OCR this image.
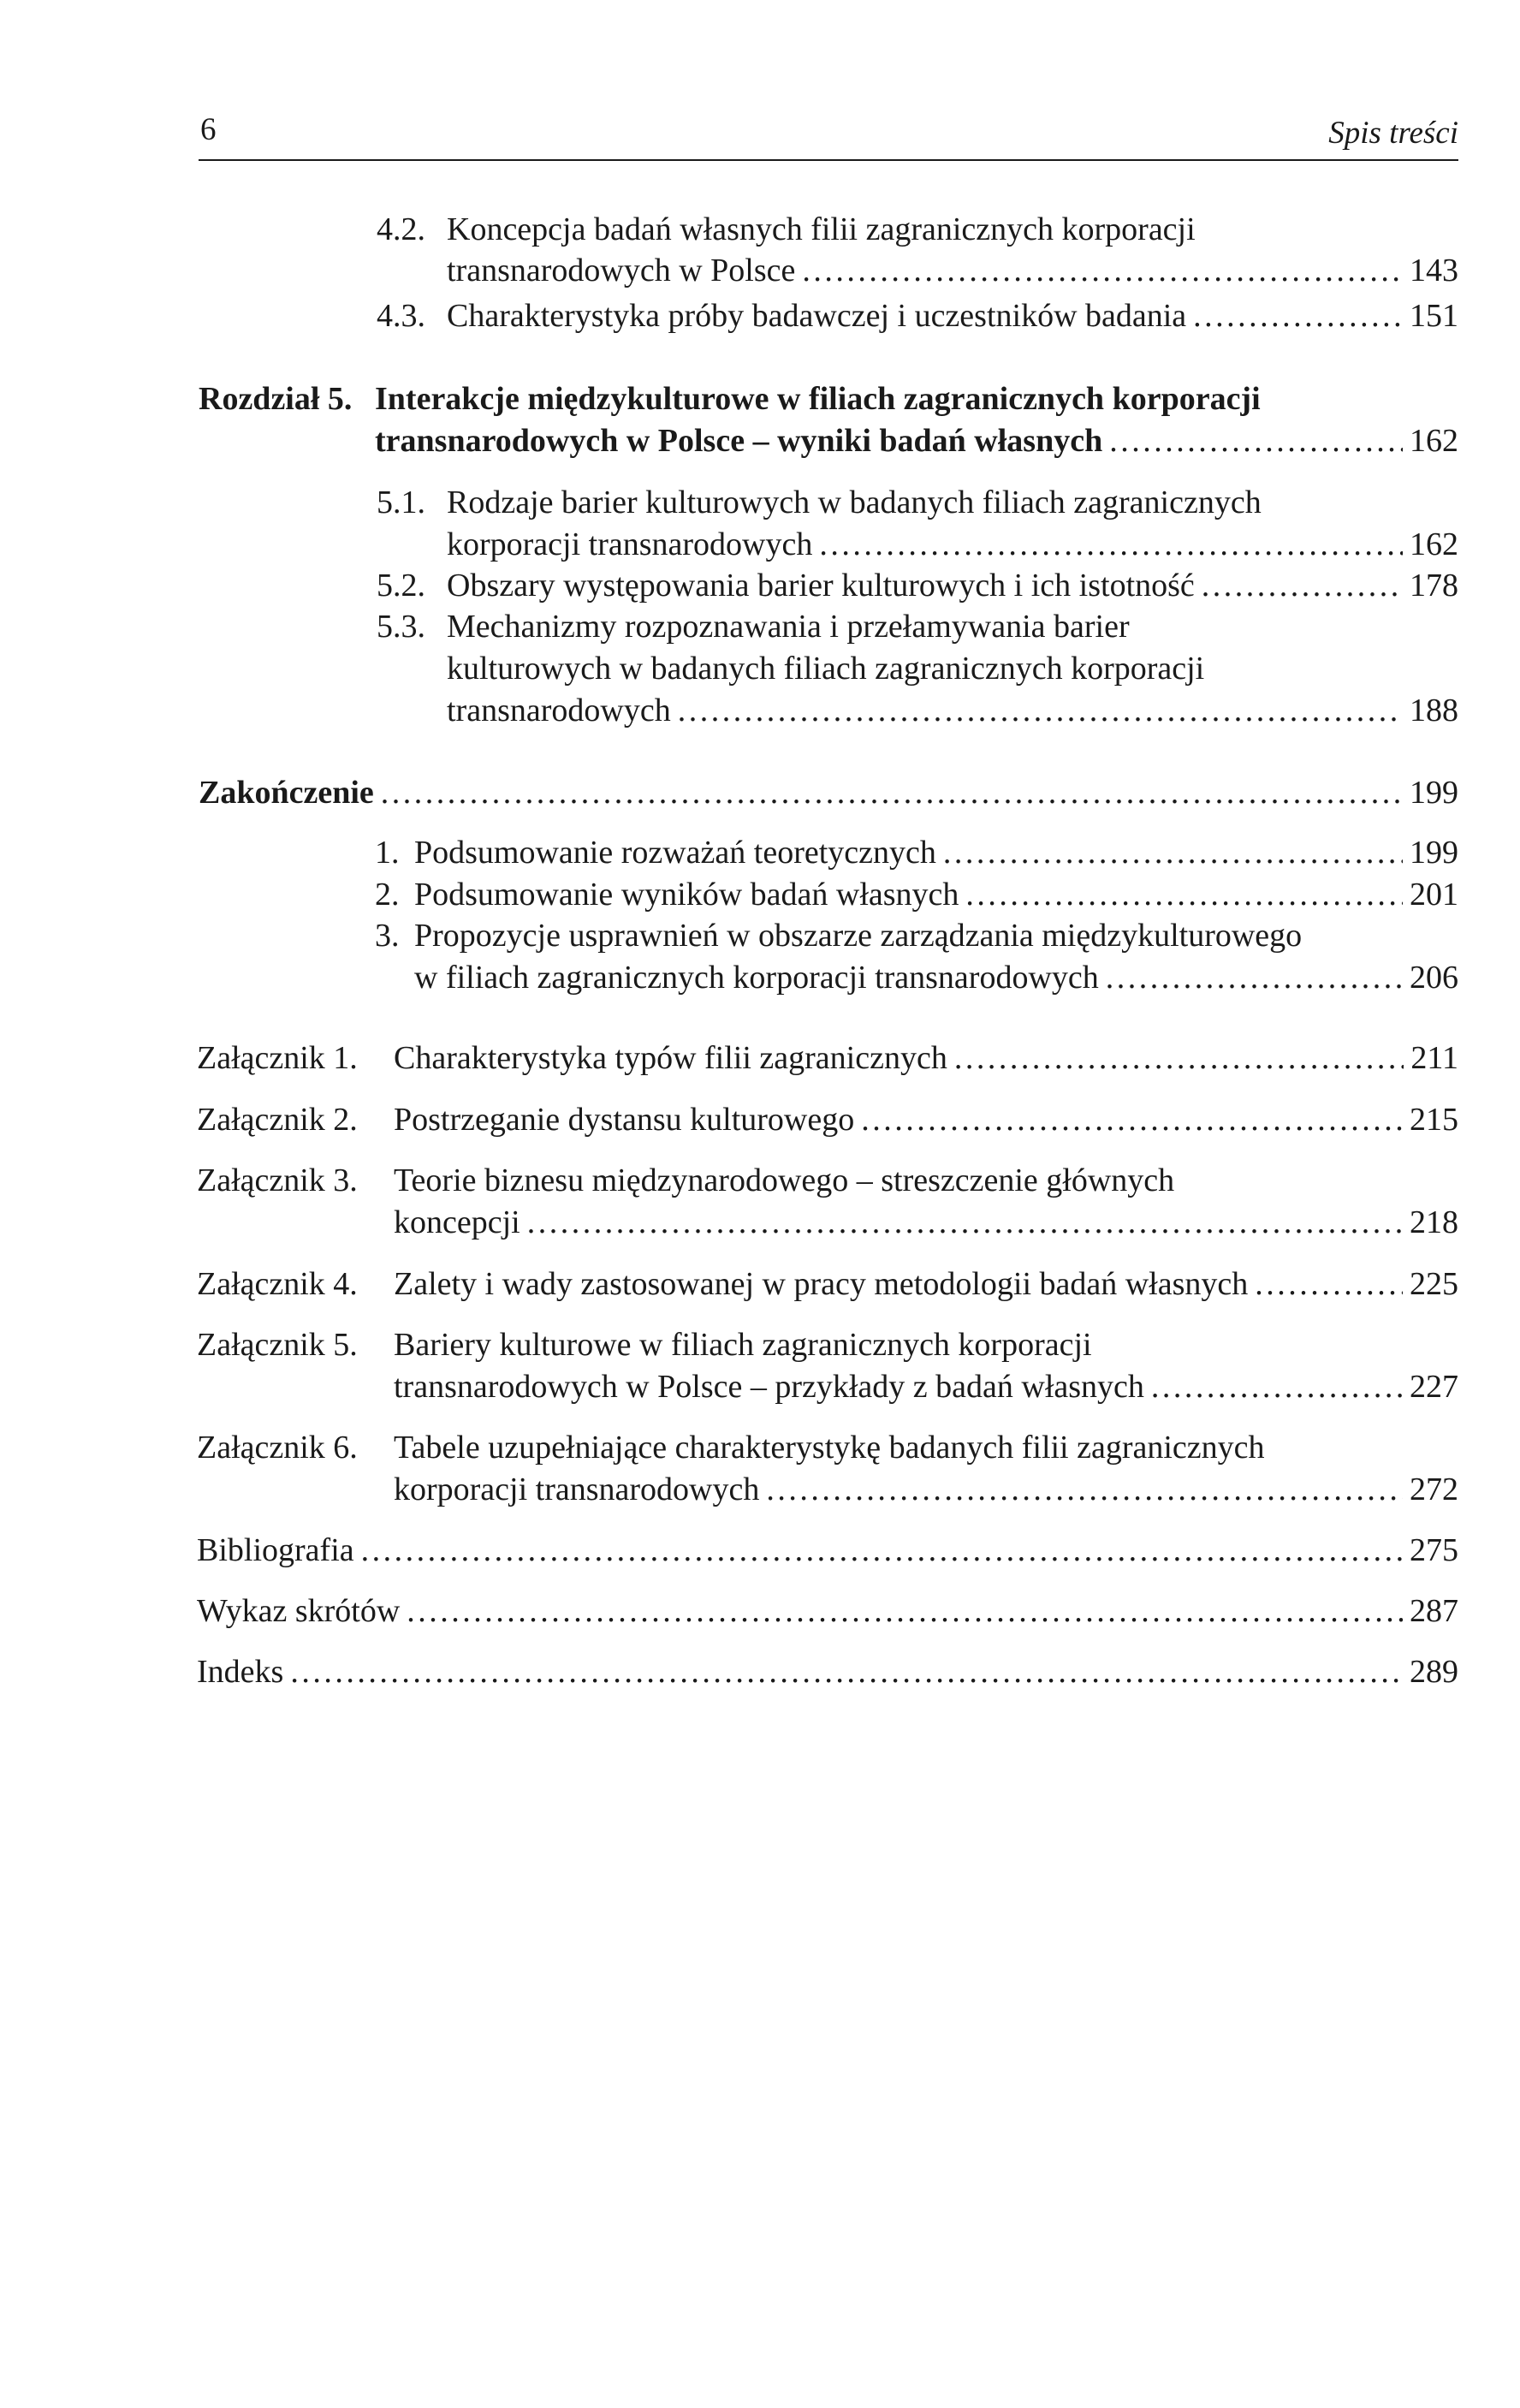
6	Spis treści
4.2. Koncepcja badań własnych filii zagranicznych korporacji
transnarodowych w Polsce . . .	143
4.3. Charakterystyka próby badawczej i uczestników badania . . .	151
Rozdział 5. Interakcje międzykulturowe w filiach zagranicznych korporacji
transnarodowych w Polsce – wyniki badań własnych . . .	162
5.1. Rodzaje barier kulturowych w badanych filiach zagranicznych
korporacji transnarodowych . . .	162
5.2. Obszary występowania barier kulturowych i ich istotność . . .	178
5.3. Mechanizmy rozpoznawania i przełamywania barier
kulturowych w badanych filiach zagranicznych korporacji
transnarodowych . . .	188
Zakończenie . . .	199
1. Podsumowanie rozważań teoretycznych . . .	199
2. Podsumowanie wyników badań własnych . . .	201
3. Propozycje usprawnień w obszarze zarządzania międzykulturowego
w filiach zagranicznych korporacji transnarodowych . . .	206
Załącznik 1. Charakterystyka typów filii zagranicznych . . .	211
Załącznik 2. Postrzeganie dystansu kulturowego . . .	215
Załącznik 3. Teorie biznesu międzynarodowego – streszczenie głównych
koncepcji . . .	218
Załącznik 4. Zalety i wady zastosowanej w pracy metodologii badań własnych . . .	225
Załącznik 5. Bariery kulturowe w filiach zagranicznych korporacji
transnarodowych w Polsce – przykłady z badań własnych . . .	227
Załącznik 6. Tabele uzupełniające charakterystykę badanych filii zagranicznych
korporacji transnarodowych . . .	272
Bibliografia . . .	275
Wykaz skrótów . . .	287
Indeks . . .	289
